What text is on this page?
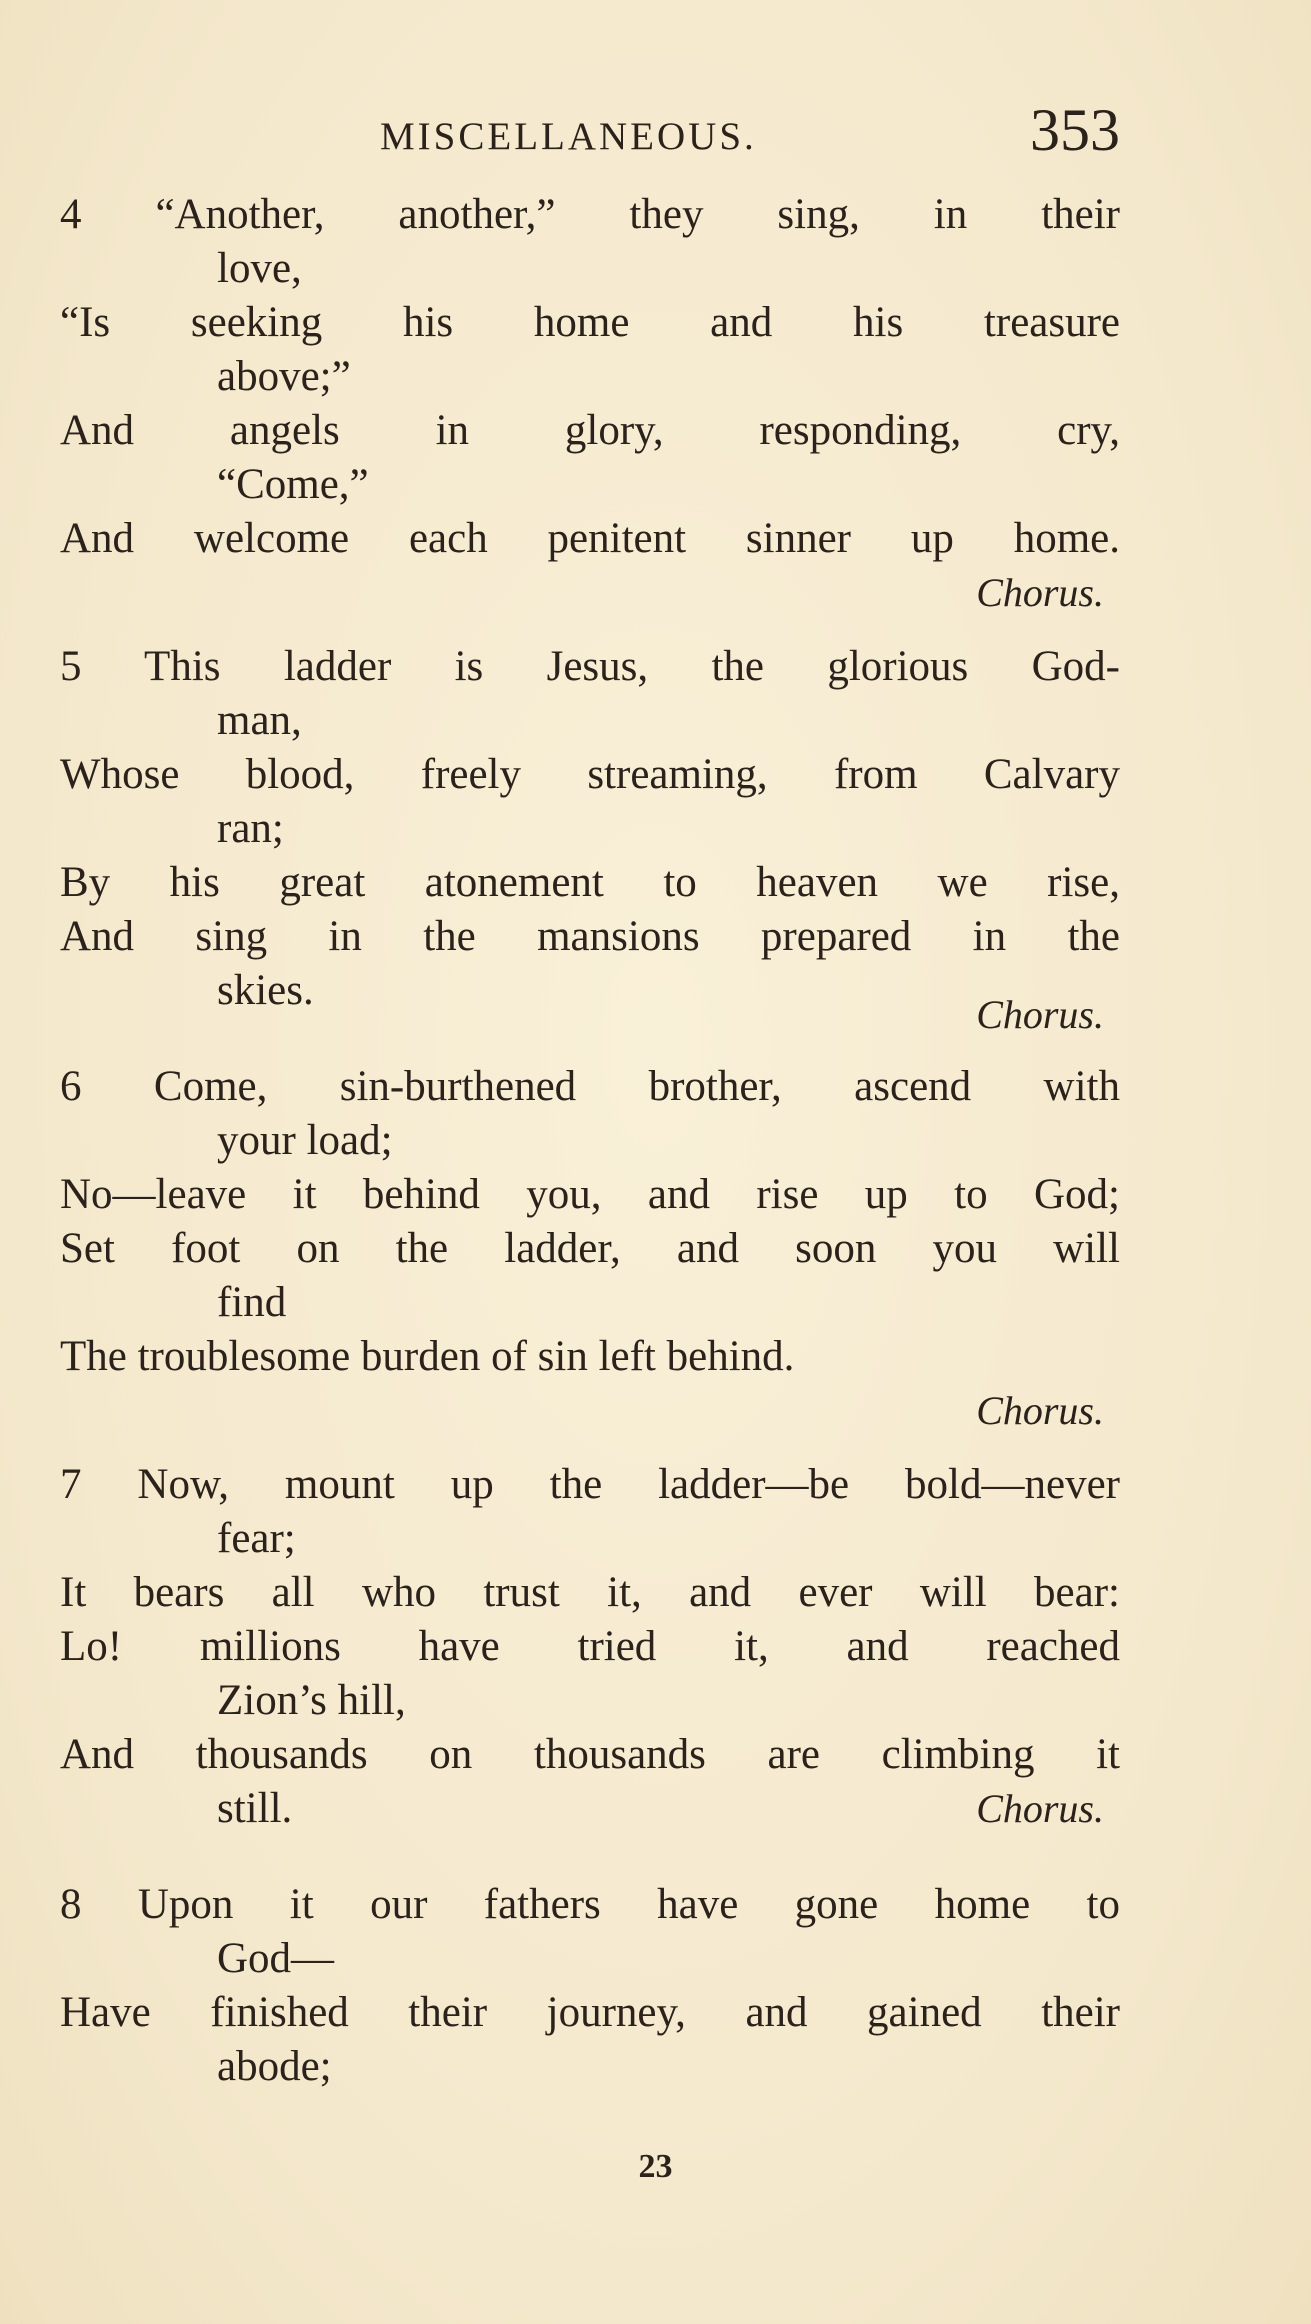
MISCELLANEOUS.	353
4 “Another, another,” they sing, in their
love,
“Is seeking his home and his treasure
above;”
And angels in glory, responding, cry,
“Come,”
And welcome each penitent sinner up home.
Chorus.
5 This ladder is Jesus, the glorious God-
man,
Whose blood, freely streaming, from Calvary
ran;
By his great atonement to heaven we rise,
And sing in the mansions prepared in the
skies.
Chorus.
6 Come, sin-burthened brother, ascend with
your load;
No—leave it behind you, and rise up to God;
Set foot on the ladder, and soon you will
find
The troublesome burden of sin left behind.
Chorus.
7 Now, mount up the ladder—be bold—never
fear;
It bears all who trust it, and ever will bear:
Lo! millions have tried it, and reached
Zion’s hill,
And thousands on thousands are climbing it
still.	Chorus.
8 Upon it our fathers have gone home to
God—
Have finished their journey, and gained their
abode;
23
